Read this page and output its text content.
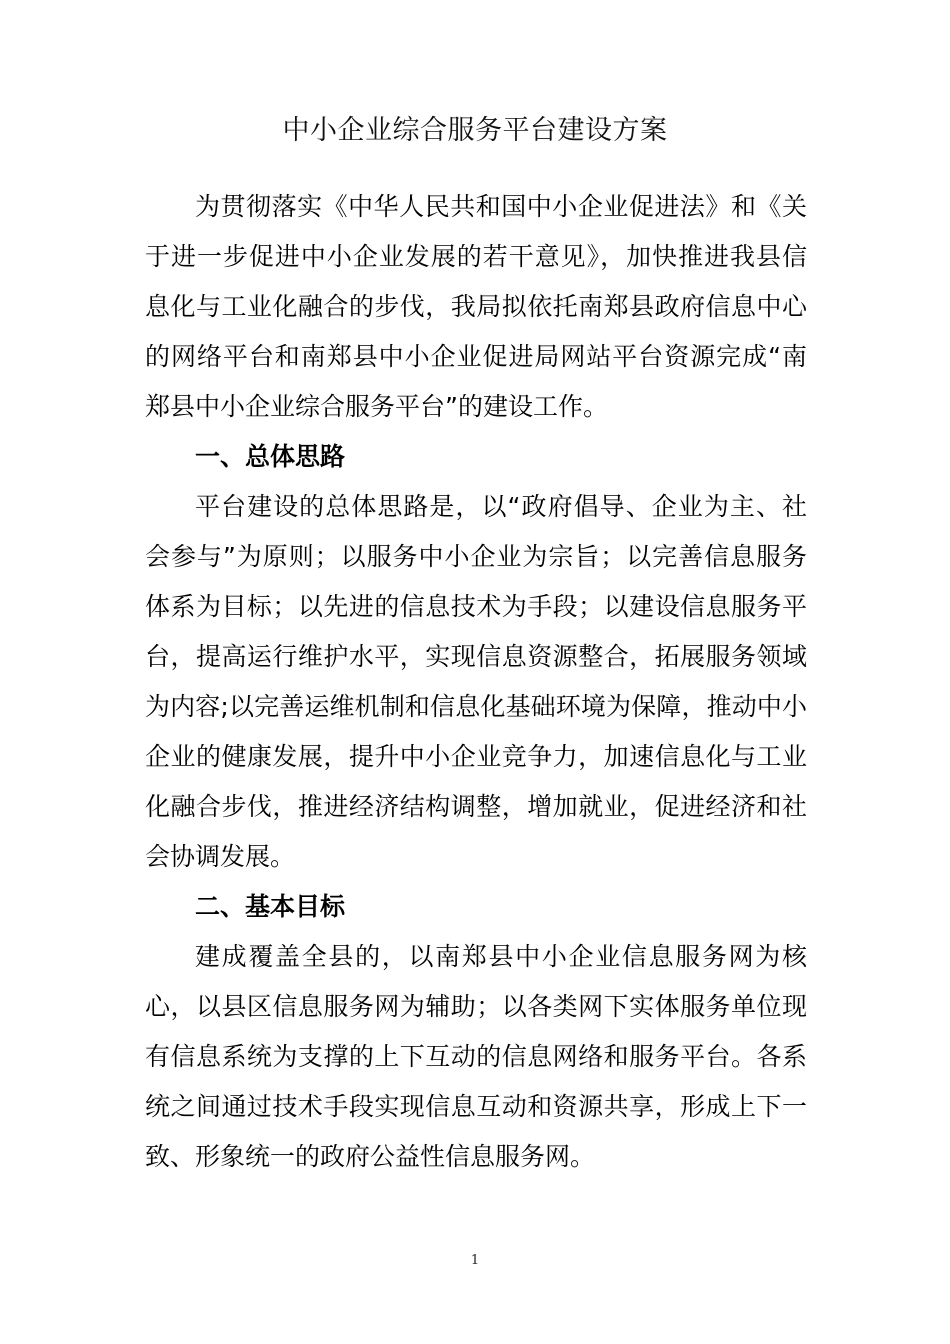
中小企业综合服务平台建设方案

为贯彻落实《中华人民共和国中小企业促进法》和《关于进一步促进中小企业发展的若干意见》，加快推进我县信息化与工业化融合的步伐，我局拟依托南郑县政府信息中心的网络平台和南郑县中小企业促进局网站平台资源完成“南郑县中小企业综合服务平台”的建设工作。

一、总体思路

平台建设的总体思路是，以“政府倡导、企业为主、社会参与”为原则；以服务中小企业为宗旨；以完善信息服务体系为目标；以先进的信息技术为手段；以建设信息服务平台，提高运行维护水平，实现信息资源整合，拓展服务领域为内容;以完善运维机制和信息化基础环境为保障，推动中小企业的健康发展，提升中小企业竞争力，加速信息化与工业化融合步伐，推进经济结构调整，增加就业，促进经济和社会协调发展。

二、基本目标

建成覆盖全县的，以南郑县中小企业信息服务网为核心，以县区信息服务网为辅助；以各类网下实体服务单位现有信息系统为支撑的上下互动的信息网络和服务平台。各系统之间通过技术手段实现信息互动和资源共享，形成上下一致、形象统一的政府公益性信息服务网。

1
